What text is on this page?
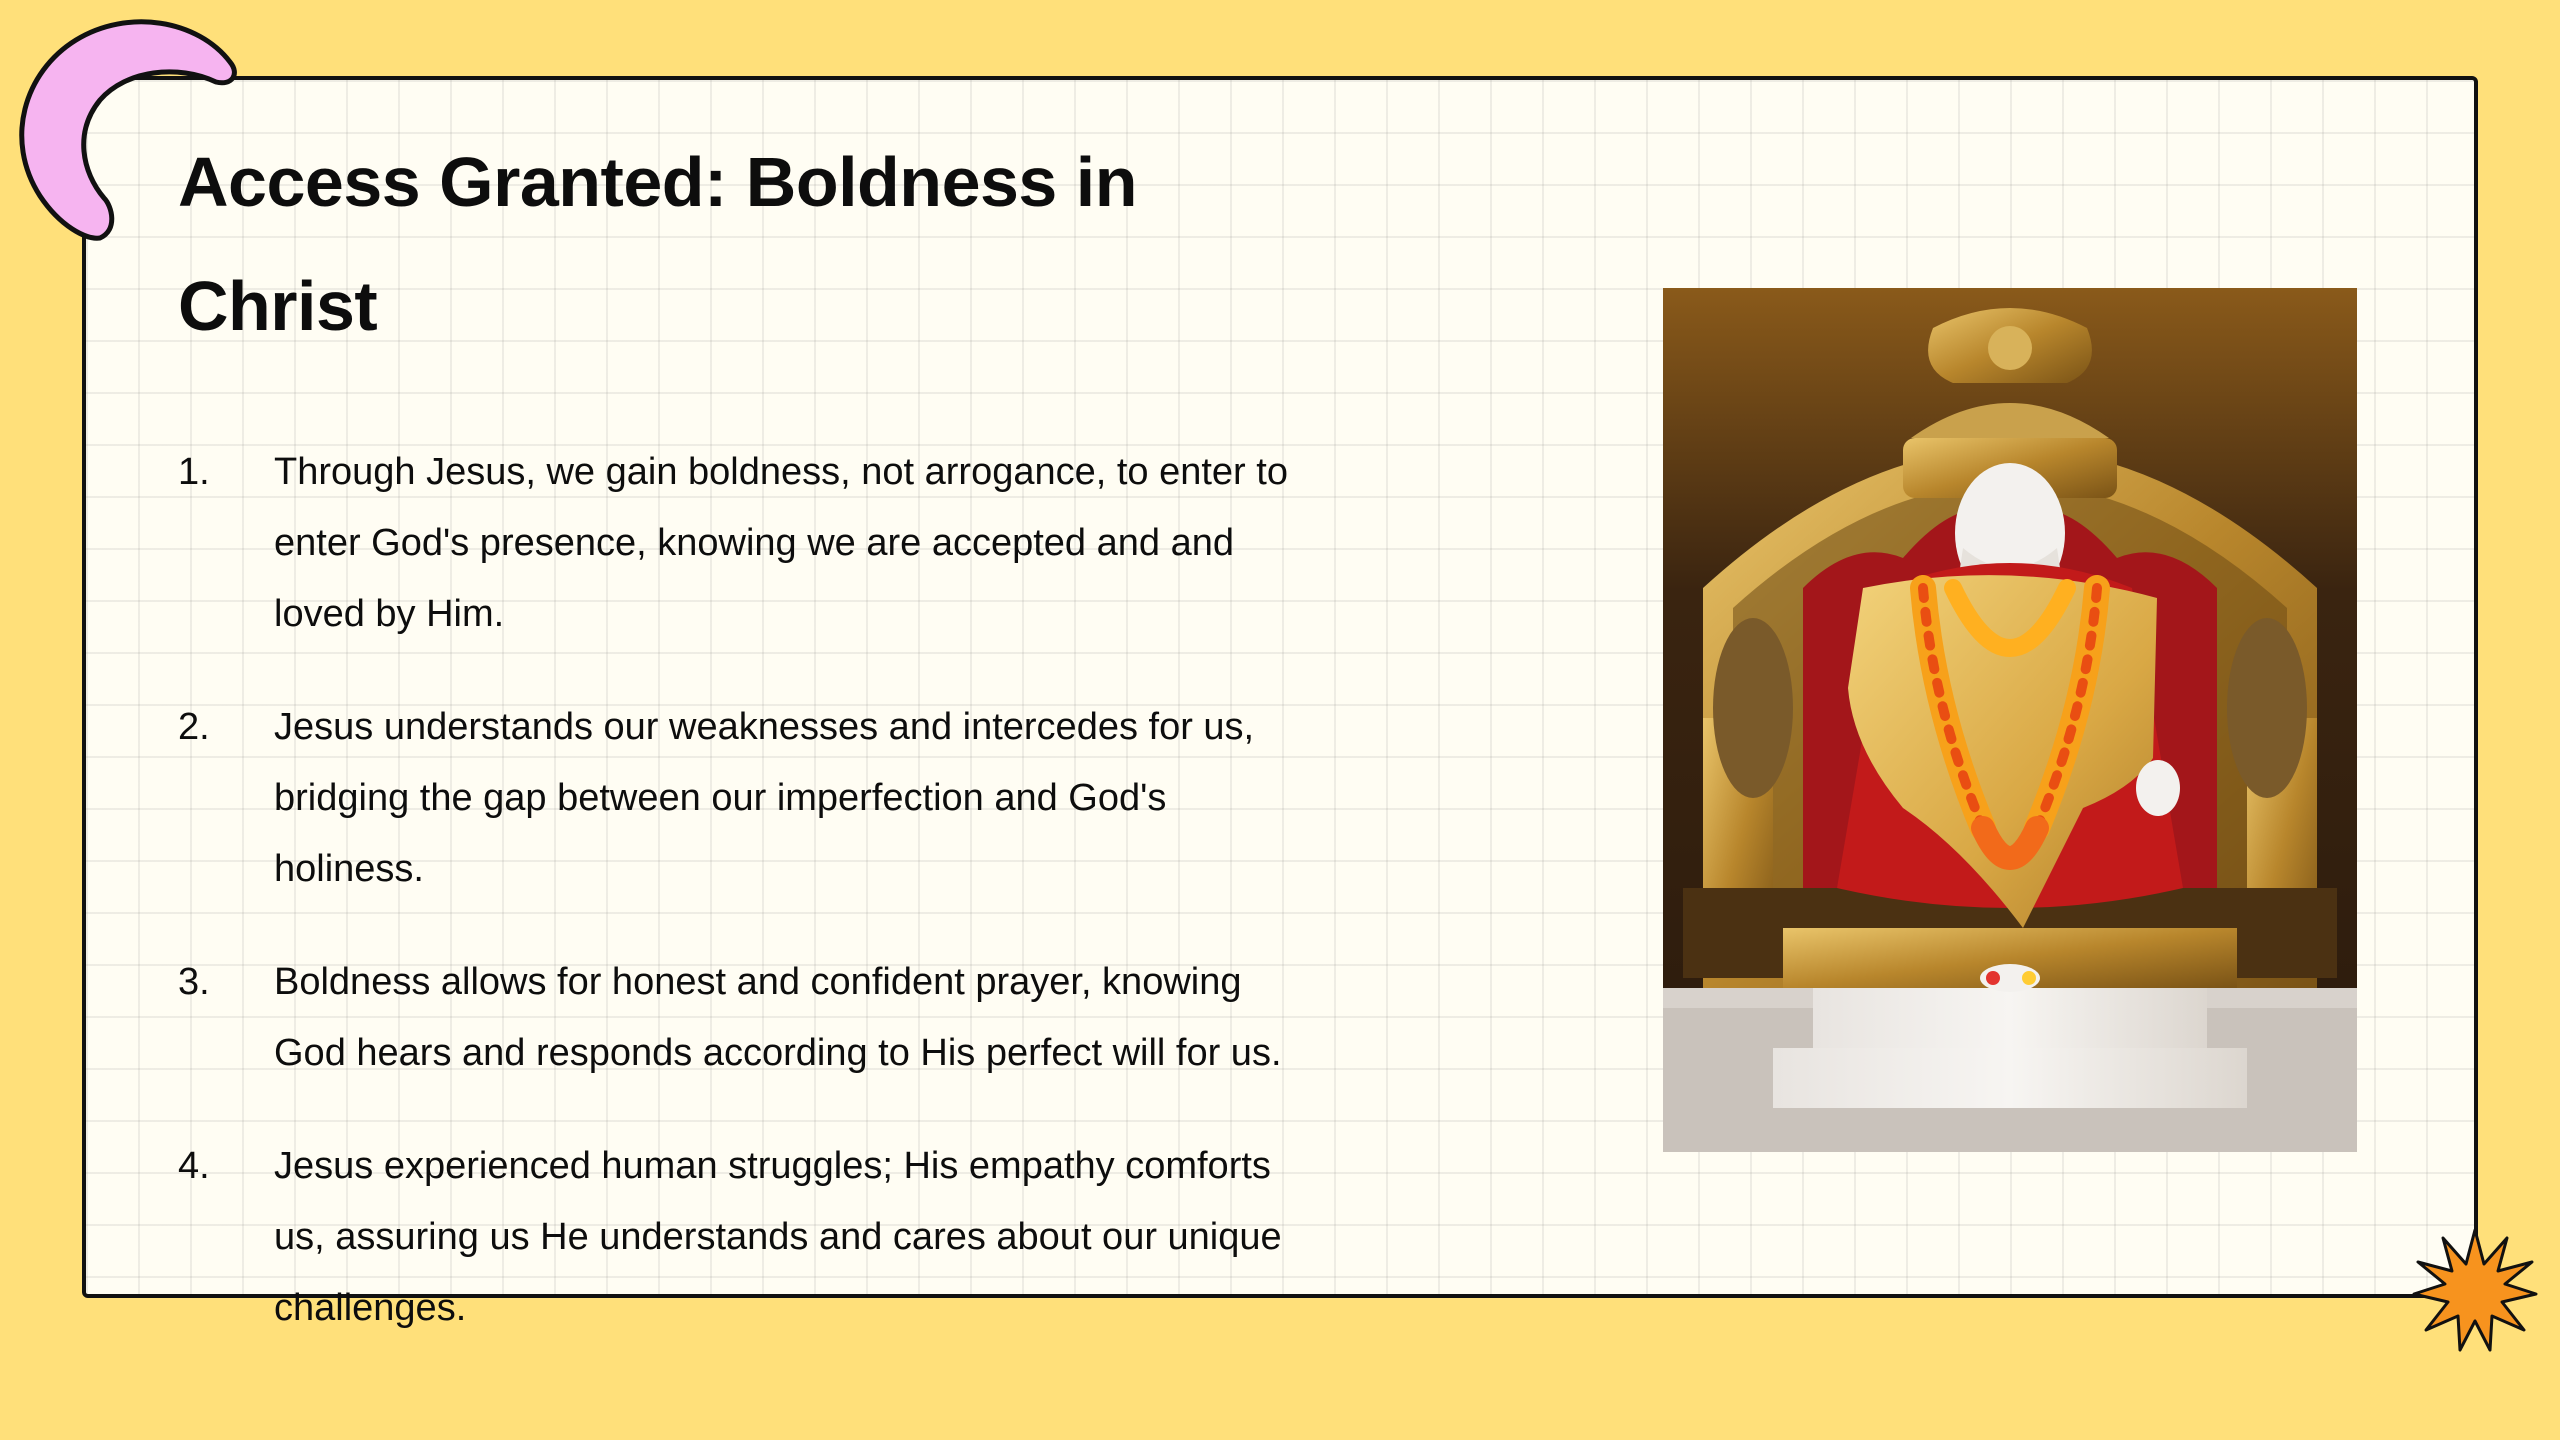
Access Granted: Boldness in Christ
1.	Through Jesus, we gain boldness, not arrogance, to enter to enter God's presence, knowing we are accepted and and loved by Him.
2.	Jesus understands our weaknesses and intercedes for us, bridging the gap between our imperfection and God's holiness.
3.	Boldness allows for honest and confident prayer, knowing God hears and responds according to His perfect will for us.
4.	Jesus experienced human struggles; His empathy comforts us, assuring us He understands and cares about our unique challenges.
